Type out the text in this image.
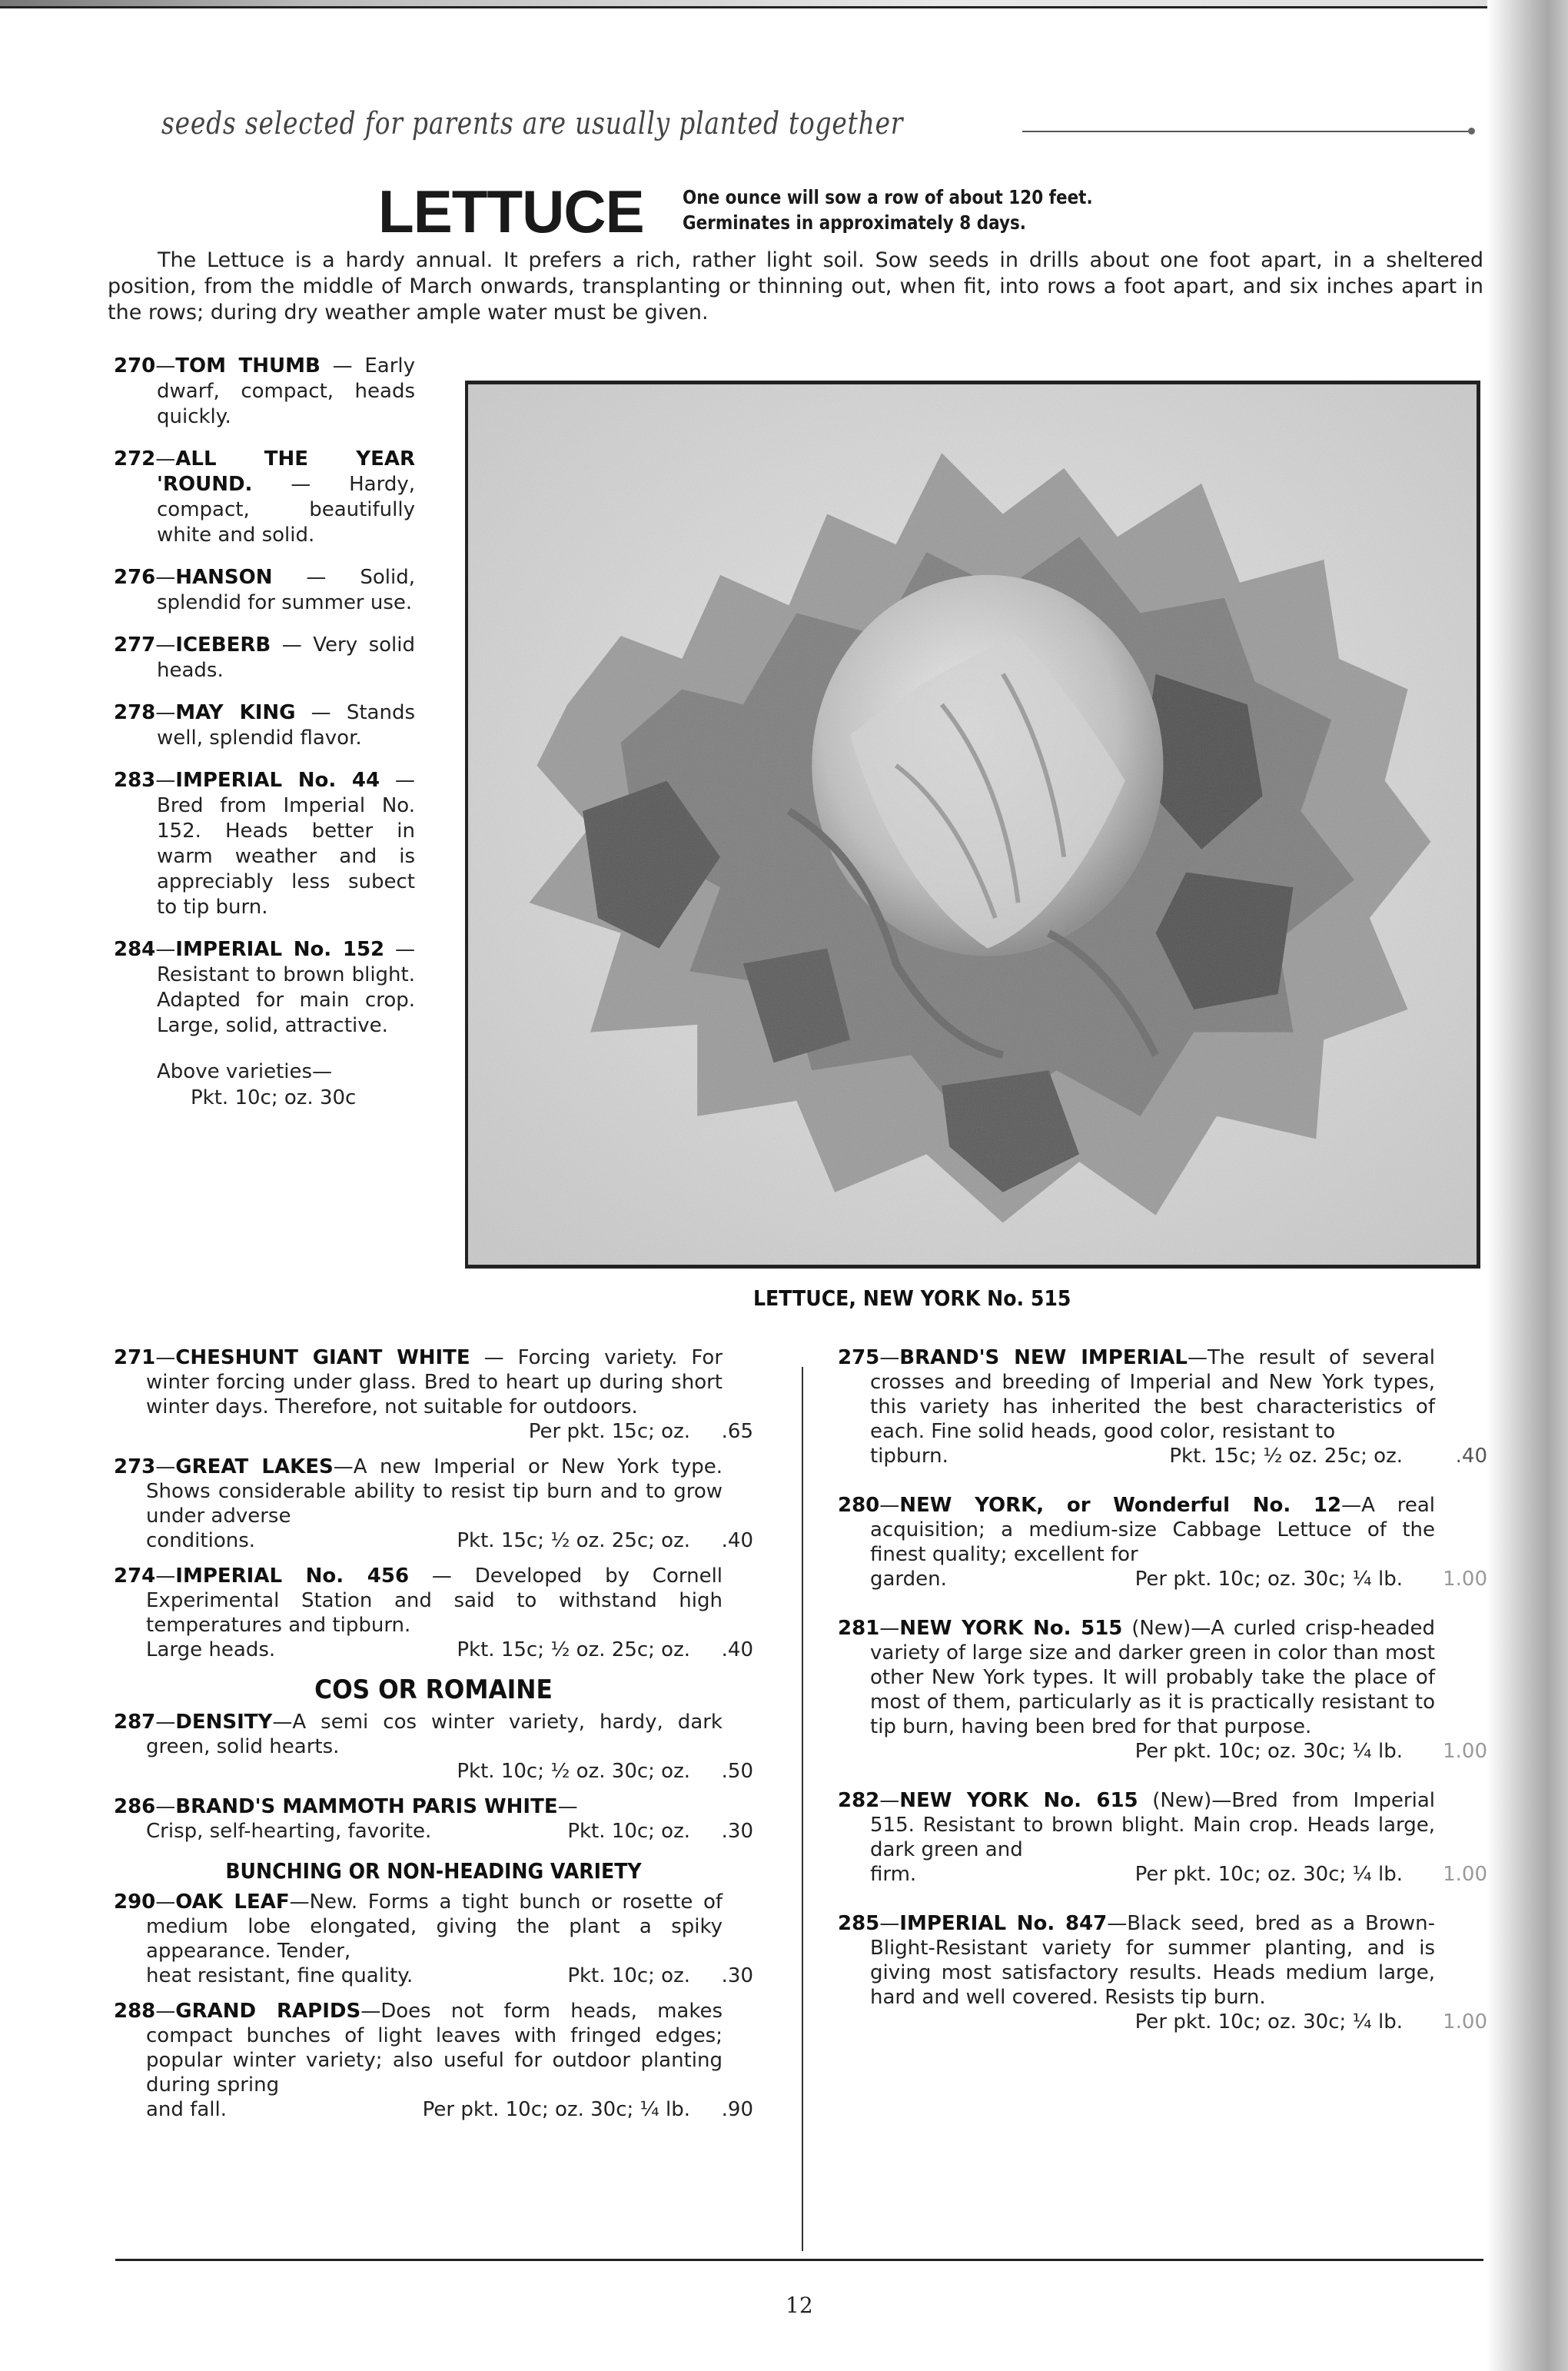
seeds selected for parents are usually planted together
LETTUCE One ounce will sow a row of about 120 feet.
Germinates in approximately 8 days.

The Lettuce is a hardy annual. It prefers a rich, rather light soil. Sow seeds in drills about one foot apart, in a sheltered position, from the middle of March onwards, transplanting or thinning out, when fit, into rows a foot apart, and six inches apart in the rows; during dry weather ample water must be given.

270—TOM THUMB — Early dwarf, compact, heads quickly.
272—ALL THE YEAR 'ROUND. — Hardy, compact, beautifully white and solid.
276—HANSON — Solid, splendid for summer use.
277—ICEBERB — Very solid heads.
278—MAY KING — Stands well, splendid flavor.
283—IMPERIAL No. 44 — Bred from Imperial No. 152. Heads better in warm weather and is appreciably less subect to tip burn.
284—IMPERIAL No. 152 — Resistant to brown blight. Adapted for main crop. Large, solid, attractive.
Above varieties—
Pkt. 10c; oz. 30c
LETTUCE, NEW YORK No. 515
271—CHESHUNT GIANT WHITE — Forcing variety. For winter forcing under glass. Bred to heart up during short winter days. Therefore, not suitable for outdoors.
Per pkt. 15c; oz. .65
273—GREAT LAKES—A new Imperial or New York type. Shows considerable ability to resist tip burn and to grow under adverse
conditions.	Pkt. 15c; ½ oz. 25c; oz. .40
274—IMPERIAL No. 456 — Developed by Cornell Experimental Station and said to withstand high temperatures and tipburn.
Large heads.	Pkt. 15c; ½ oz. 25c; oz. .40
COS OR ROMAINE
287—DENSITY—A semi cos winter variety, hardy, dark green, solid hearts.
Pkt. 10c; ½ oz. 30c; oz. .50
286—BRAND'S MAMMOTH PARIS WHITE—
Crisp, self-hearting, favorite.	Pkt. 10c; oz. .30
BUNCHING OR NON-HEADING VARIETY
290—OAK LEAF—New. Forms a tight bunch or rosette of medium lobe elongated, giving the plant a spiky appearance. Tender,
heat resistant, fine quality.	Pkt. 10c; oz. .30
288—GRAND RAPIDS—Does not form heads, makes compact bunches of light leaves with fringed edges; popular winter variety; also useful for outdoor planting during spring
and fall.	Per pkt. 10c; oz. 30c; ¼ lb. .90
275—BRAND'S NEW IMPERIAL—The result of several crosses and breeding of Imperial and New York types, this variety has inherited the best characteristics of each. Fine solid heads, good color, resistant to
tipburn.	Pkt. 15c; ½ oz. 25c; oz.	.40
280—NEW YORK, or Wonderful No. 12—A real acquisition; a medium-size Cabbage Lettuce of the finest quality; excellent for
garden.	Per pkt. 10c; oz. 30c; ¼ lb. 1.00
281—NEW YORK No. 515 (New)—A curled crisp-headed variety of large size and darker green in color than most other New York types. It will probably take the place of most of them, particularly as it is practically resistant to tip burn, having been bred for that purpose.
Per pkt. 10c; oz. 30c; ¼ lb. 1.00
282—NEW YORK No. 615 (New)—Bred from Imperial 515. Resistant to brown blight. Main crop. Heads large, dark green and
firm.	Per pkt. 10c; oz. 30c; ¼ lb. 1.00
285—IMPERIAL No. 847—Black seed, bred as a Brown-Blight-Resistant variety for summer planting, and is giving most satisfactory results. Heads medium large, hard and well covered. Resists tip burn.
Per pkt. 10c; oz. 30c; ¼ lb. 1.00
12
